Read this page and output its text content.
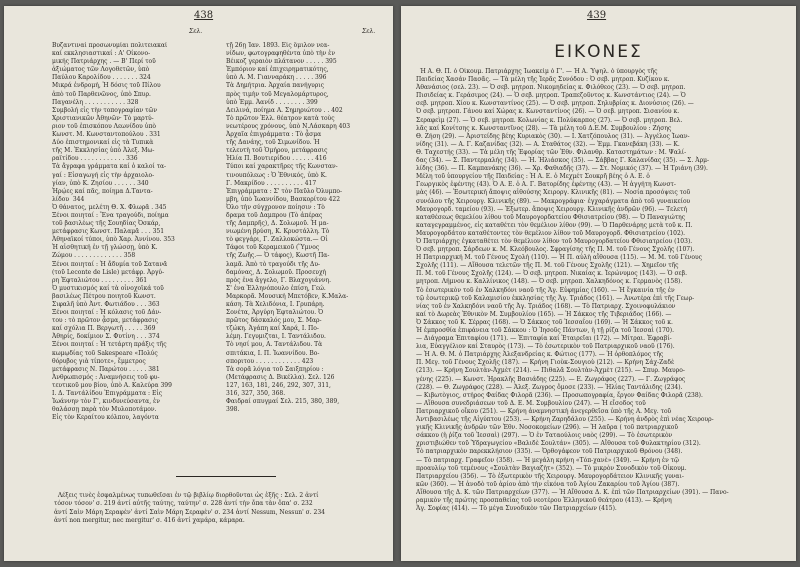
438
Σελ.	Σελ.
Βυζαντιναί προσωνυμίαι πολιτειακαί
καί εκκλησιαστικαί : Α' Οίκονο-
μικής Πατριάρχης . — Β' Περί τοῦ
ἀξιώματος τῶν Λογοθετῶν, ὑπὸ
Παύλου Καρολίδου . . . . . . . 324
Μικρά ἐνδρομή, Ἡ δόσις τοῦ Πίλου
ἀπὸ τοῦ Παρθενῶνος, ὑπὸ Σπυρ.
Παγανέλη . . . . . . . . . . . 328
Συμβολή εἰς τὴν τοπογραφίαν τῶν
Χριστιανικῶν Ἀθηνῶν· Τὸ μαρτύ-
ριον τοῦ ἐπισκόπου Λεωνίδου ὑπὸ
Κωνστ. Μ. Κωνσταντοπούλου . 331
Δύο ἐπιστημονικαί εἰς τὰ Τυπικὰ
τῆς Μ. Ἐκκλησίας ὑπὸ Ἀλεξ. Μω-
ραϊτίδου . . . . . . . . . . . . 336
Τὰ ἄγραφα γράμματα καί ὁ καλοί τα-
γαί : Εἰσαγωγή εἰς τὴν ἀρχαιολο-
γίαν, ὑπὸ Κ. Ζησίου . . . . . . 340
Ἡρῴες καί πᾶς, ποίημα Δ.Ταντα-
λίδου  344
Ὁ θάνατος, μελέτη Θ. Χ. Φλωρᾶ . 345
Ξένοι ποιηταί : Ἕνα τραγούδι, ποίημα
τοῦ βασιλέως τῆς Σουηδίας Ὀσκάρ,
μετάφρασις Κωνστ. Παλαμᾶ . . . 351
Ἀθηναϊκοί τύποι, ὑπὸ Χαρ. Ἀννίνου. 353
Ἡ αἰσθητική ἐν τῇ γλώσσῃ, ὑπὸ Κ.
Ζώμου . . . . . . . . . . . . . 358
Ξένοι ποιηταί : Ἡ ἄδυμία τοῦ Σατανᾶ
(τοῦ Leconte de Lisle) μετάφρ. Ἀργύ-
ρη Ἐφταλιώτου . . . . . . . . . 361
Ὁ μυστικισμός καί τὰ οἰνοχοϊκά τοῦ
βασιλέως Πέτρου ποιητοῦ Κωνστ.
Σιφαλῆ ὑπὸ Ἀντ. Φωτιάδου . . . 363
Ξένοι ποιηταί : Ἡ κόλασις τοῦ Δάν-
του : τὸ πρῶτον ᾆσμα, μετάφρασις
καί σχόλια Π. Βεργωτῆ . . . . . 369
Ἀθηρίς, δοκίμιον Σ. Φυτίνη . . . 374
Ξένοι ποιηταί : Ἡ τετάρτη πράξις τῆς
κωμῳδίας τοῦ Sakespeare «Πολύς
θόρυβος γιὰ τίποτε», ἔμμετρος
μετάφρασις Ν. Παρώτου . . . . . 381
Ἀνθρωπισμός : Ἀναμνήσεις τοῦ φυ-
τευτικοῦ μου βίου, ὑπὸ Α. Καλεύρα 399
Ι. Δ. Ταντάλίδου Ἐπιγράμματα : Εἰς
Ἰωάννην τὸν Γ', κινδυνεύσαντα, ἐν
θαλάσσῃ παρὰ τὸν Μυλοποτάμον.
Εἰς τὸν Κεραίτου κόλπου, λαγόντα
τῇ 26ῃ Ἰαν. 1893. Εἰς ὅμιλον νεα-
νίδων, φωτογραφηθέντα ὑπὸ τὴν ἐν
Βέικοζ γεραιὸν πλάτανον . . . . . 395
Ἐμπόριον καί ἐπιχειρηματικότης,
ὑπὸ Α. Μ. Γιανναράκη . . . . . 396
Τὰ Δημήτρια. Ἀρχαία πανήγυρις
πρὸς τιμὴν τοῦ Μεγαλομάρτυρος,
ὑπὸ Ἐμμ. Ἀανίδ . . . . . . . . 399
Δειλινά, ποίημα Α. Σημηριώτου . . 402
Τὸ πρῶτον Ἑλλ. θέατρον κατὰ τοὺς
νεωτέρους χρόνους, ὑπὸ Ν.Λάσκαρη 403
Ἀρχαῖα ἐπιγράμματα : Τὸ ᾆσμα
τῆς Δανάης, τοῦ Σιμωνίδου. Ἡ
τελευτὴ τοῦ Ὁμήρου, μετάφρασις
Ἡλία Π. Βουτιερίδου . . . . . . 416
Τύποι καί χαρακτῆρες τῆς Κωνσταν-
τινουπόλεως : Ὁ Ἐθνικός, ὑπὸ Κ.
Γ. Μακρίδου . . . . . . . . . . 417
Ἐπιγράμματα : Σ' τὸν Παῦλο Ὀλυμπο-
μβη, ὑπὸ Ἰωαννίδου, Βασκορίτου 422
Ὁλο τὴν σύγχρονον ποίησιν : Τὸ
δραμα τοῦ Δαμπρου (Τὸ ἀπέρας
τῆς Δαμπρῆς), Δ. Σολωμοῦ. Ἡ μα-
νιωμένη βρύση, Κ. Κρυστάλλη. Τὸ
τὸ φεγγάρι, Γ. Ζαλλοκώστα.— Οἱ
Τάφοι τοῦ Κεραμεικοῦ (Ὕμνος
τῆς Ζωῆς.— Ὁ τάφος), Κωστῆ Πα-
λαμᾶ. Ἀπὸ τὸ τραγούδι τῆς Δυ-
δαμόνας, Δ. Σολωμοῦ. Προσευχὴ
πρὸς ἐνα ἄγγελο, Γ. Βλαχογιάννη.
Σ' ἐνα Ἑλληνόπουλο ἐπίση, Γεώ.
Μαρκορᾶ. Μουσική Μπετόβεν, Κ.Μαλα-
κάση. Τὰ Χελιδόνια, Ι. Γρυπάρη.
Σονέτα, Ἀργύρη Ἐφταλιώτου. Ὁ
πρῶτος δάσκαλός μου, Σ. Μαρ-
τζώκη. Ἀγάπη καί Χαρά, Ι. Πο-
λέμη. Γεγυμιζται, Ι. Ταντάλιδου.
Τὸ νησί μου, Α. Ταντάλιδου. Τὰ
σπιτάκια, Ι. Π. Ἰωαννίδου. Βο-
σποριτου . . . . . . . . . . . . 423
Τὰ σορᾶ λόγια τοῦ Σαιξπηρίου :
(Μετάφρασις Δ. Βικέλλα). Σελ. 126
127, 163, 181, 246, 292, 307, 311,
316, 327, 350, 368.
Φαιδραί σπυγμαί Σελ. 215, 380, 389,
398.
Λέξεις τινὲς ἐσφαλμένως τυπωθεῖσαι ἐν τῷ βιβλίῳ διορθοῦνται ὡς ἑξῆς : Σελ. 2 ἀντί
τόσον τόσον' σ. 219 ἀντί αὐτῆς ταύτης, ταύτην' σ. 228 ἀντί τὴν ὄπα τὰν ὅπα' σ. 232
ἀντί Σαὶν Μάρη Σεραφὲν' ἀντί Σαὶν Μάρη Σεραφὲν' σ. 234 ἀντί Nessum, Nessun' σ. 234
ἀντί non mergitur, nec mergitur' σ. 416 ἀντί χαμάρα, κάμαρα.
439
ΕΙΚΟΝΕΣ
Ἡ Α. Θ. Π. ὁ Οἰκουμ. Πατριάρχης Ἰωακεὶμ ὁ Γ'. — Ἡ Α. Ὑψηλ. ὁ ὑπουργὸς τῆς
Παιδείας Χασάν Πασᾶς. — Τὰ μέλη τῆς Ἱερᾶς Συνόδου : Ὁ σεβ. μητροπ. Κυζίκου κ.
Ἀθανάσιος (σελ. 23). — Ὁ σεβ. μητροπ. Νικομηδείας κ. Φιλόθεος (23). — Ὁ σεβ. μητροπ.
Πισιδείας κ. Γεράσιμος (24). — Ὁ σεβ. μητροπ. Τραπεζοῦντος κ. Κωνστάντιος (24). — Ὁ
σεβ. μητροπ. Χίου κ. Κωνσταντίνος (25). — Ὁ σεβ. μητροπ. Σηλυβρίας κ. Διονύσιος (26). —
Ὁ σεβ. μητροπ. Γάνου καί Χώρας κ. Κωνσταντίνος (26). — Ὁ σεβ. μητροπ. Σισανίου κ.
Σεραφεὶμ (27). — Ὁ σεβ. μητροπ. Κολωνίας κ. Πολύκαρπος (27). — Ὁ σεβ. μητροπ. Βελ.
λᾶς καί Κονίτσης κ. Κωνσταντῖνος (28). — Τὰ μέλη τοῦ Δ.Ε.Μ. Συμβουλίου : Ζήσης
Θ. Ζήση (29). — Ἀριστείδης βέης Κυριακὸς (30). — Ι. Χατζόπουλος (31). — Ἀγγέλος Ἰωαν-
νίδης (31). — Α. Γ. Καζανίδας (32). — Α. Σταθάτος (32). — Ἐμμ. Γκανεβάκη (33). — Κ.
Θ. Ταχεστής (33). — Τὰ μέλη τῆς Ἐφορίας τῶν Ἐθν. Φιλανθρ. Καταστημάτων : Μ. Ψαλί-
δας (34). — Σ. Παντερμαλής (34). — Ἡ. Ἠλιάσκος (35). — Σάββας Γ. Καλανίδας (35). — Σ. Ἀρμ-
λίδης (36). — Π. Καμπανάκης (36). — Χρ. Φαθιαδῆς (37). — Στ. Νομικός (37). — Ἡ Τριάνη (39).
Μέλη τοῦ ὑπουργείου τῆς Παιδείας : Ἡ Α. Ε. ὁ Μεχμέτ Σουκρῆ βέης ὁ Α. Ε. ὁ
Γεωργικὸς ἐφέντης (43). Ὁ Α. Ε. ὁ Α. Γ. Βατορίδης ἐφέντης (43). — Ἡ ἀγγήτη Κωνστ-
μὰς (46). — Ἐσωτερική ἄποψις αἰθούσης Χειροργ. Κλινικῆς (81). — Νοσία προσόψεις τοῦ
συνόλου τῆς Χειρουργ. Κλινικῆς (89). — Μακρογράφια· ἐγχαράγματα ἀπὸ τοῦ γυναικείου
Μαυρογορδ. ταμείου (93). — Ἐξωτερ. ἄποψις Χειρουργ. Κλινικῆς ἀνδρῶν (96). — Τελετή
καταθέσεως θεμελίου λίθου τοῦ Μαυρογορδατείου Φθισιατρείου (98). — Ὁ Παναγιώτης
καταγεγραμμένος, εἰς καταθέτει τὸν θεμέλιον λίθον (99). — Ὁ Παρθενάρης μετὰ τοῦ κ. Π.
Μαυρογορδάτου καταθέτοντες τὸν θεμέλιον λίθον τοῦ Μαυρογορδ. Φθισιατρείου (102).
Ὁ Πατριάρχης ἐγκαταθέτει τὸν θεμέλιον λίθον τοῦ Μαυρογορδατείου Φθισιατρείου (103).
Ὁ σεβ. μητροπ. Σάρδεων κ. Μ. Κλεόβουλος. Σφραγίσης τῆς Π. Μ. τοῦ Γένους Σχολῆς (107).
Η Πατριαρχική Μ. τοῦ Γένους Σχολὴ (110). — Ἡ Π. αὐλὴ αἴθουσα (115). — Μ. Μ. τοῦ Γένους
Σχολῆς (111). — Αἴθουσα τελετῶν τῆς Π. Μ. τοῦ Γένους Σχολῆς (121). — Χημεῖον τῆς
Π. Μ. τοῦ Γένους Σχολῆς (124). — Ὁ σεβ. μητροπ. Νικαίας κ. Ἱερώνυμος (143). — Ὁ σεβ.
μητροπ. Λήμνου κ. Καλλίνικος (148). — Ὁ σεβ. μητροπ. Χαλκηδόνος κ. Γερμανὸς (158).
Τὸ ἐσωτερικὸν τοῦ ἐν Χαλκηδόνι ναοῦ τῆς Ἁγ. Εὐφημίας (160). — Ἡ ἔγκαινία τῆς ἐν
τῷ ἐσωτερικῷ τοῦ Καλαμισίου ἐκκλησίας τῆς Ἁγ. Τριάδος (161). — Ἀνωτέρα ἐπὶ τῆς Γεωρ-
νίας τοῦ ἐν Χαλκηδόνι ναοῦ τῆς Ἁγ. Τριάδος (168). — Τὸ Πατριαρχ. Σχοινοφυλάκιον
καί τὸ Δωρεὰς Ἐθνικὸν Μ. Συμβουλίου (165). — Ἡ Σάκκος τῆς Τιβεριάδος (166). —
Ὁ Σάκκος τοῦ Κ. Σέρρας (168). — Ὁ Σάκκος τοῦ Ἰεσσαΐου (169). — Ἡ Σάκκος τοῦ κ.
Ἡ ἐμπροσθία ἐπιφάνεια τοῦ Σάκκου : Ὁ Ἰησοῦς Πάντων, ἡ τῇ ρίζα τοῦ Ἰεσσαὶ (170).
— Διάγραμα Ἐπιταφίου (171). — Ἐπιταφία καί Ἐταιρεῖαι (172). — Μίτραι. Ἐφραβί-
λια, Εὐαγγέλιον καί Σταυρὸς (173). — Τὸ ἐσωτερικὸν τοῦ Πατριαρχικοῦ ναοῦ (176).
— Ἡ Α. Θ. Μ. ὁ Πατριάρχης Ἀλεξανδρείας κ. Φώτιος (177). — Ἡ ὀρθοπλόμος τῆς
Π. Μεγ. τοῦ Γένους Σχολῆς (187). — Κρήνη Γιοὺκ-Σουγιοὺ (212). — Κρήνη Σάχ-Ζαδὲ
(213). — Κρήνη Σουλτὰν-Ἀχμὲτ (214). — Πιθαλᾶ Σουλτὰν-Ἀχμὲτ (215). — Σπυρ. Μαυρο-
γένης (225). — Κωνστ. Ἡρακλῆς Βασιάδης (225). — Ε. Ζωγράφος (227). — Γ. Ζωγράφος
(228). — Θ. Ζωγράφος (228). — Ἀλεξ. Ζωγρος ὄμοσε (233). — Ἠλίας Ταντάλιδης (234).
— Κιβωτὸγιος, στήρος Φαίδας Φιλορᾶ (236). — Προσωπογραφία, ἔργον Φαίδας Φιλορᾶ (238).
— Αἴθουσα συνεδριάσεων τοῦ Δ. Ε. Μ. Συμβουλίου (247). — Ἡ εἴσοδος τοῦ
Πατριαρχικοῦ οἴκου (251). — Κρήνη ἀναμνηστικὴ ἀνεγερθεῖσα ὑπὸ τῆς Α. Μεγ. τοῦ
Ἀντιβασιλέως τῆς Αἰγύπτου (253). — Κρήνη Ζαρηδάλου (255). — Κρήνη ἀνδρὸς ἐπὶ νέας Χειρουρ-
γικῆς Κλινικῆς ἀνδρῶν τῶν Ἐθν. Νοσοκομείων (296). — Ἡ λαῦρα ( τοῦ πατριαρχικοῦ
σάκκου (ἡ ῥίζα τοῦ Ἰεσσαὶ) (297). — Ὁ ἐν Ταταούλοις ναὸς (299). — Τὸ ἐσωτερικὸν
χριστιβιώθεν τοῦ Ὑδραγωγείου «Βαλιδὲ Σουλτάν» (305). — Αἴθουσα τοῦ Φυλακτηρίου (312).
Τὸ πατριαρχικὸν παρεκκλήσιον (335). — Ὀρθογάφεον τοῦ Πατριαρχικοῦ Θρόνου (348).
— Τὸ πατριαρχ. Γραφεῖον (358). — Ἡ μεγάλη κρήνη «Τόπ-χανὲ» (349). — Κρήνη ἐν τῷ
προαυλίῳ τοῦ τεμένους «Σουλτὰν Βαγιαζὴτ» (352). — Τὸ μικρὸν Συνοδικὸν τοῦ Οἰκουμ.
Πατριαρχείου (356). — Τὸ ἐξωτερικὸν τῆς Χειρουργ. Μαυρογορδάτειον Κλινικῆς γυναι-
κῶν (360). — Ἡ ἀνοδὸ τοῦ ἀρίου ἀπὸ τὴν εἰκόνα τοῦ Ἀγίου Ζακαρίου τοῦ Ἁγίου (387).
Αἴθουσα τῆς Δ. Κ. τῶν Πατριαρχείων (377). — Ἡ Αἴθουσα Δ. Κ. ἐπὶ τῶν Πατριαρχείων (391). — Πανο-
ραμικὸν τῆς πρώτης προσπαθείας τοῦ νεοτέρου Ἑλληνικοῦ θεάτρου (413). — Κρήνη
Ἁγ. Σοφίας (414). — Τὸ μέγα Συνοδικὸν τῶν Πατριαρχείων (415).
